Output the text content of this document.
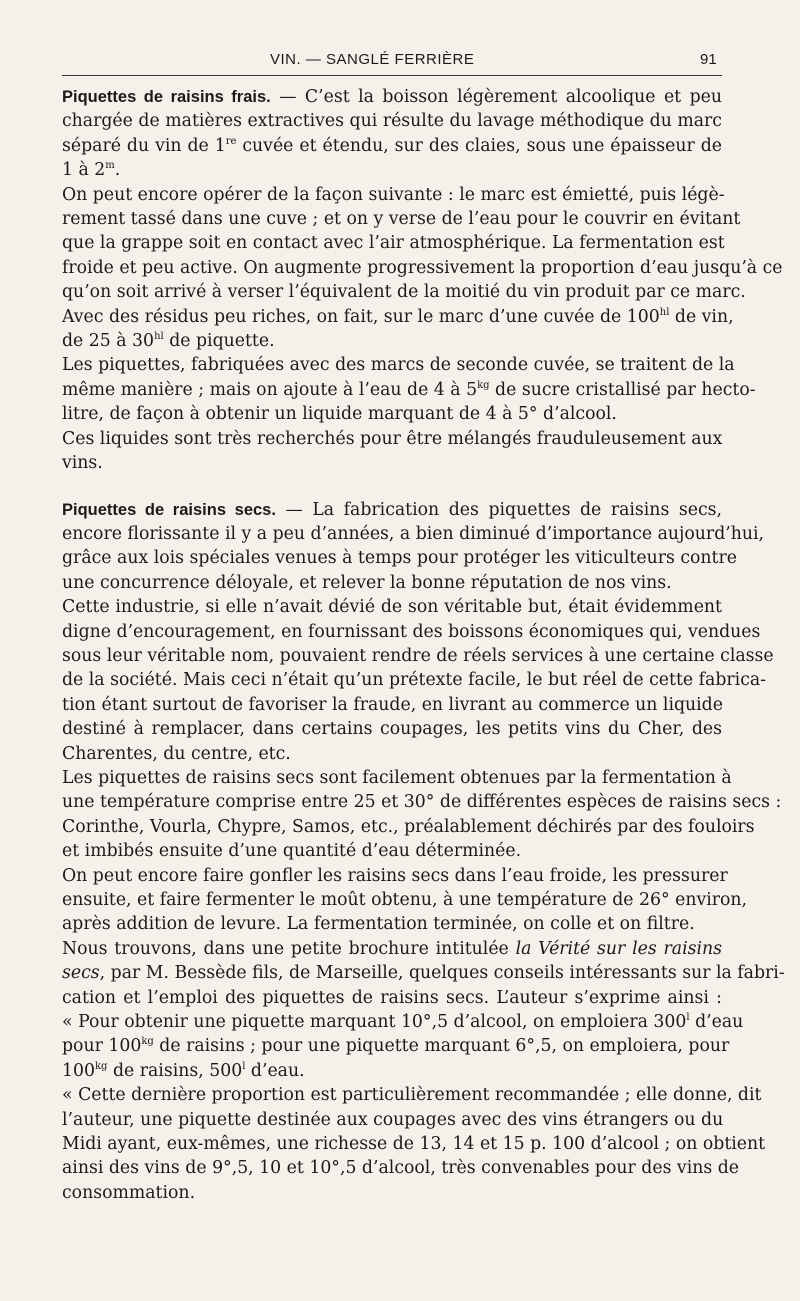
VIN. — SANGLÉ FERRIÈRE	91

Piquettes de raisins frais. — C’est la boisson légèrement alcoolique et peu
chargée de matières extractives qui résulte du lavage méthodique du marc
séparé du vin de 1re cuvée et étendu, sur des claies, sous une épaisseur de
1 à 2$^m$.

On peut encore opérer de la façon suivante : le marc est émietté, puis légè-
rement tassé dans une cuve ; et on y verse de l’eau pour le couvrir en évitant
que la grappe soit en contact avec l’air atmosphérique. La fermentation est
froide et peu active. On augmente progressivement la proportion d’eau jusqu’à ce
qu’on soit arrivé à verser l’équivalent de la moitié du vin produit par ce marc.

Avec des résidus peu riches, on fait, sur le marc d’une cuvée de $100^{hl}$ de vin,
de 25 à $30^{hl}$ de piquette.

Les piquettes, fabriquées avec des marcs de seconde cuvée, se traitent de la
même manière ; mais on ajoute à l’eau de 4 à $5^{kg}$ de sucre cristallisé par hecto-
litre, de façon à obtenir un liquide marquant de 4 à 5° d’alcool.

Ces liquides sont très recherchés pour être mélangés frauduleusement aux
vins.

Piquettes de raisins secs. — La fabrication des piquettes de raisins secs,
encore florissante il y a peu d’années, a bien diminué d’importance aujourd’hui,
grâce aux lois spéciales venues à temps pour protéger les viticulteurs contre
une concurrence déloyale, et relever la bonne réputation de nos vins.

Cette industrie, si elle n’avait dévié de son véritable but, était évidemment
digne d’encouragement, en fournissant des boissons économiques qui, vendues
sous leur véritable nom, pouvaient rendre de réels services à une certaine classe
de la société. Mais ceci n’était qu’un prétexte facile, le but réel de cette fabrica-
tion étant surtout de favoriser la fraude, en livrant au commerce un liquide
destiné à remplacer, dans certains coupages, les petits vins du Cher, des
Charentes, du centre, etc.

Les piquettes de raisins secs sont facilement obtenues par la fermentation à
une température comprise entre 25 et 30° de différentes espèces de raisins secs :
Corinthe, Vourla, Chypre, Samos, etc., préalablement déchirés par des fouloirs
et imbibés ensuite d’une quantité d’eau déterminée.

On peut encore faire gonfler les raisins secs dans l’eau froide, les pressurer
ensuite, et faire fermenter le moût obtenu, à une température de 26° environ,
après addition de levure. La fermentation terminée, on colle et on filtre.

Nous trouvons, dans une petite brochure intitulée la Vérité sur les raisins
secs, par M. Bessède fils, de Marseille, quelques conseils intéressants sur la fabri-
cation et l’emploi des piquettes de raisins secs. L’auteur s’exprime ainsi :
« Pour obtenir une piquette marquant 10°,5 d’alcool, on emploiera 300$^l$ d’eau
pour $100^{kg}$ de raisins ; pour une piquette marquant 6°,5, on emploiera, pour
$100^{kg}$ de raisins, 500$^l$ d’eau.

« Cette dernière proportion est particulièrement recommandée ; elle donne, dit
l’auteur, une piquette destinée aux coupages avec des vins étrangers ou du
Midi ayant, eux-mêmes, une richesse de 13, 14 et 15 p. 100 d’alcool ; on obtient
ainsi des vins de 9°,5, 10 et 10°,5 d’alcool, très convenables pour des vins de
consommation.
